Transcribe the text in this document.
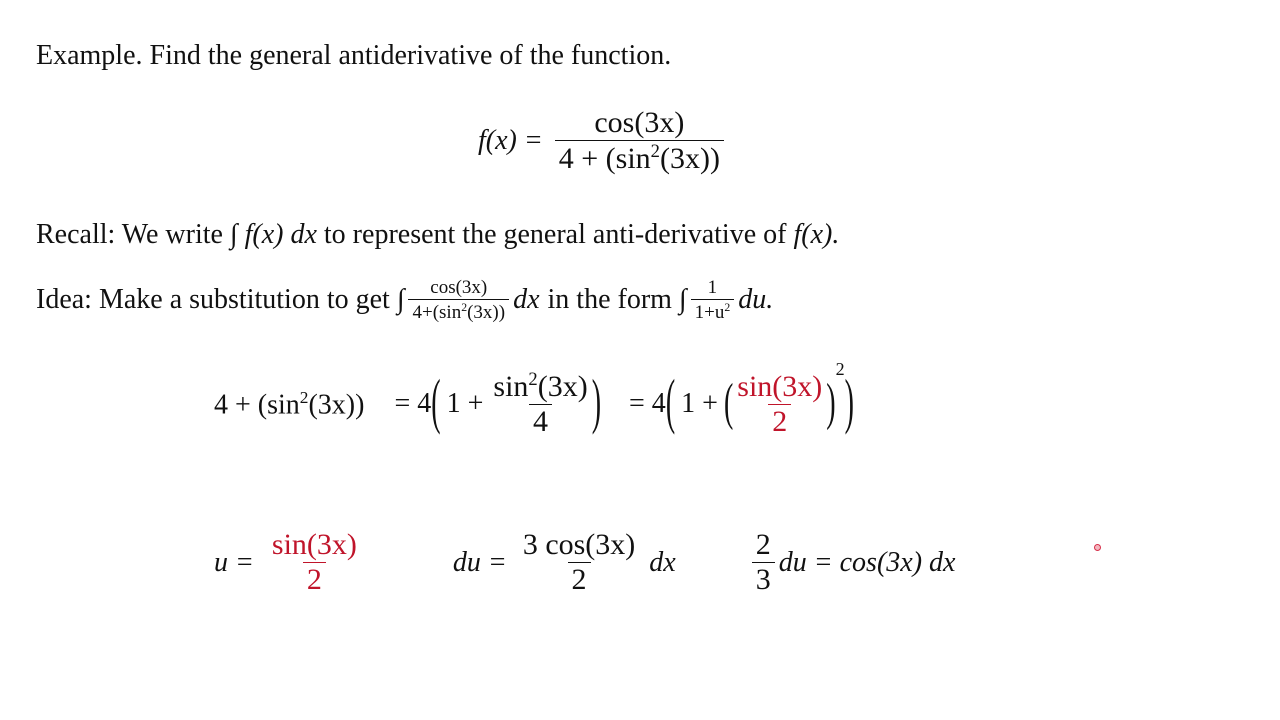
Example. Find the general antiderivative of the function.
$f(x) = \frac{\cos(3x)}{4 + (\sin^2(3x))}$
Recall: We write ∫ f(x) dx to represent the general anti-derivative of f(x).
Idea: Make a substitution to get ∫ $\frac{\cos(3x)}{4+(\sin^2(3x))}$ dx in the form ∫ $\frac{1}{1+u^2}$ du.
$4 + (\sin^2(3x)) = 4$ ( $1 + \frac{\sin^2(3x)}{4}$ ) = 4 ( 1 + ( $\frac{\sin(3x)}{2}$ )
2 )
$u = \frac{\sin(3x)}{2}$	du = $\frac{3 \cos(3x)}{2}$ dx	$\frac{2}{3}$ du = cos(3x) dx
